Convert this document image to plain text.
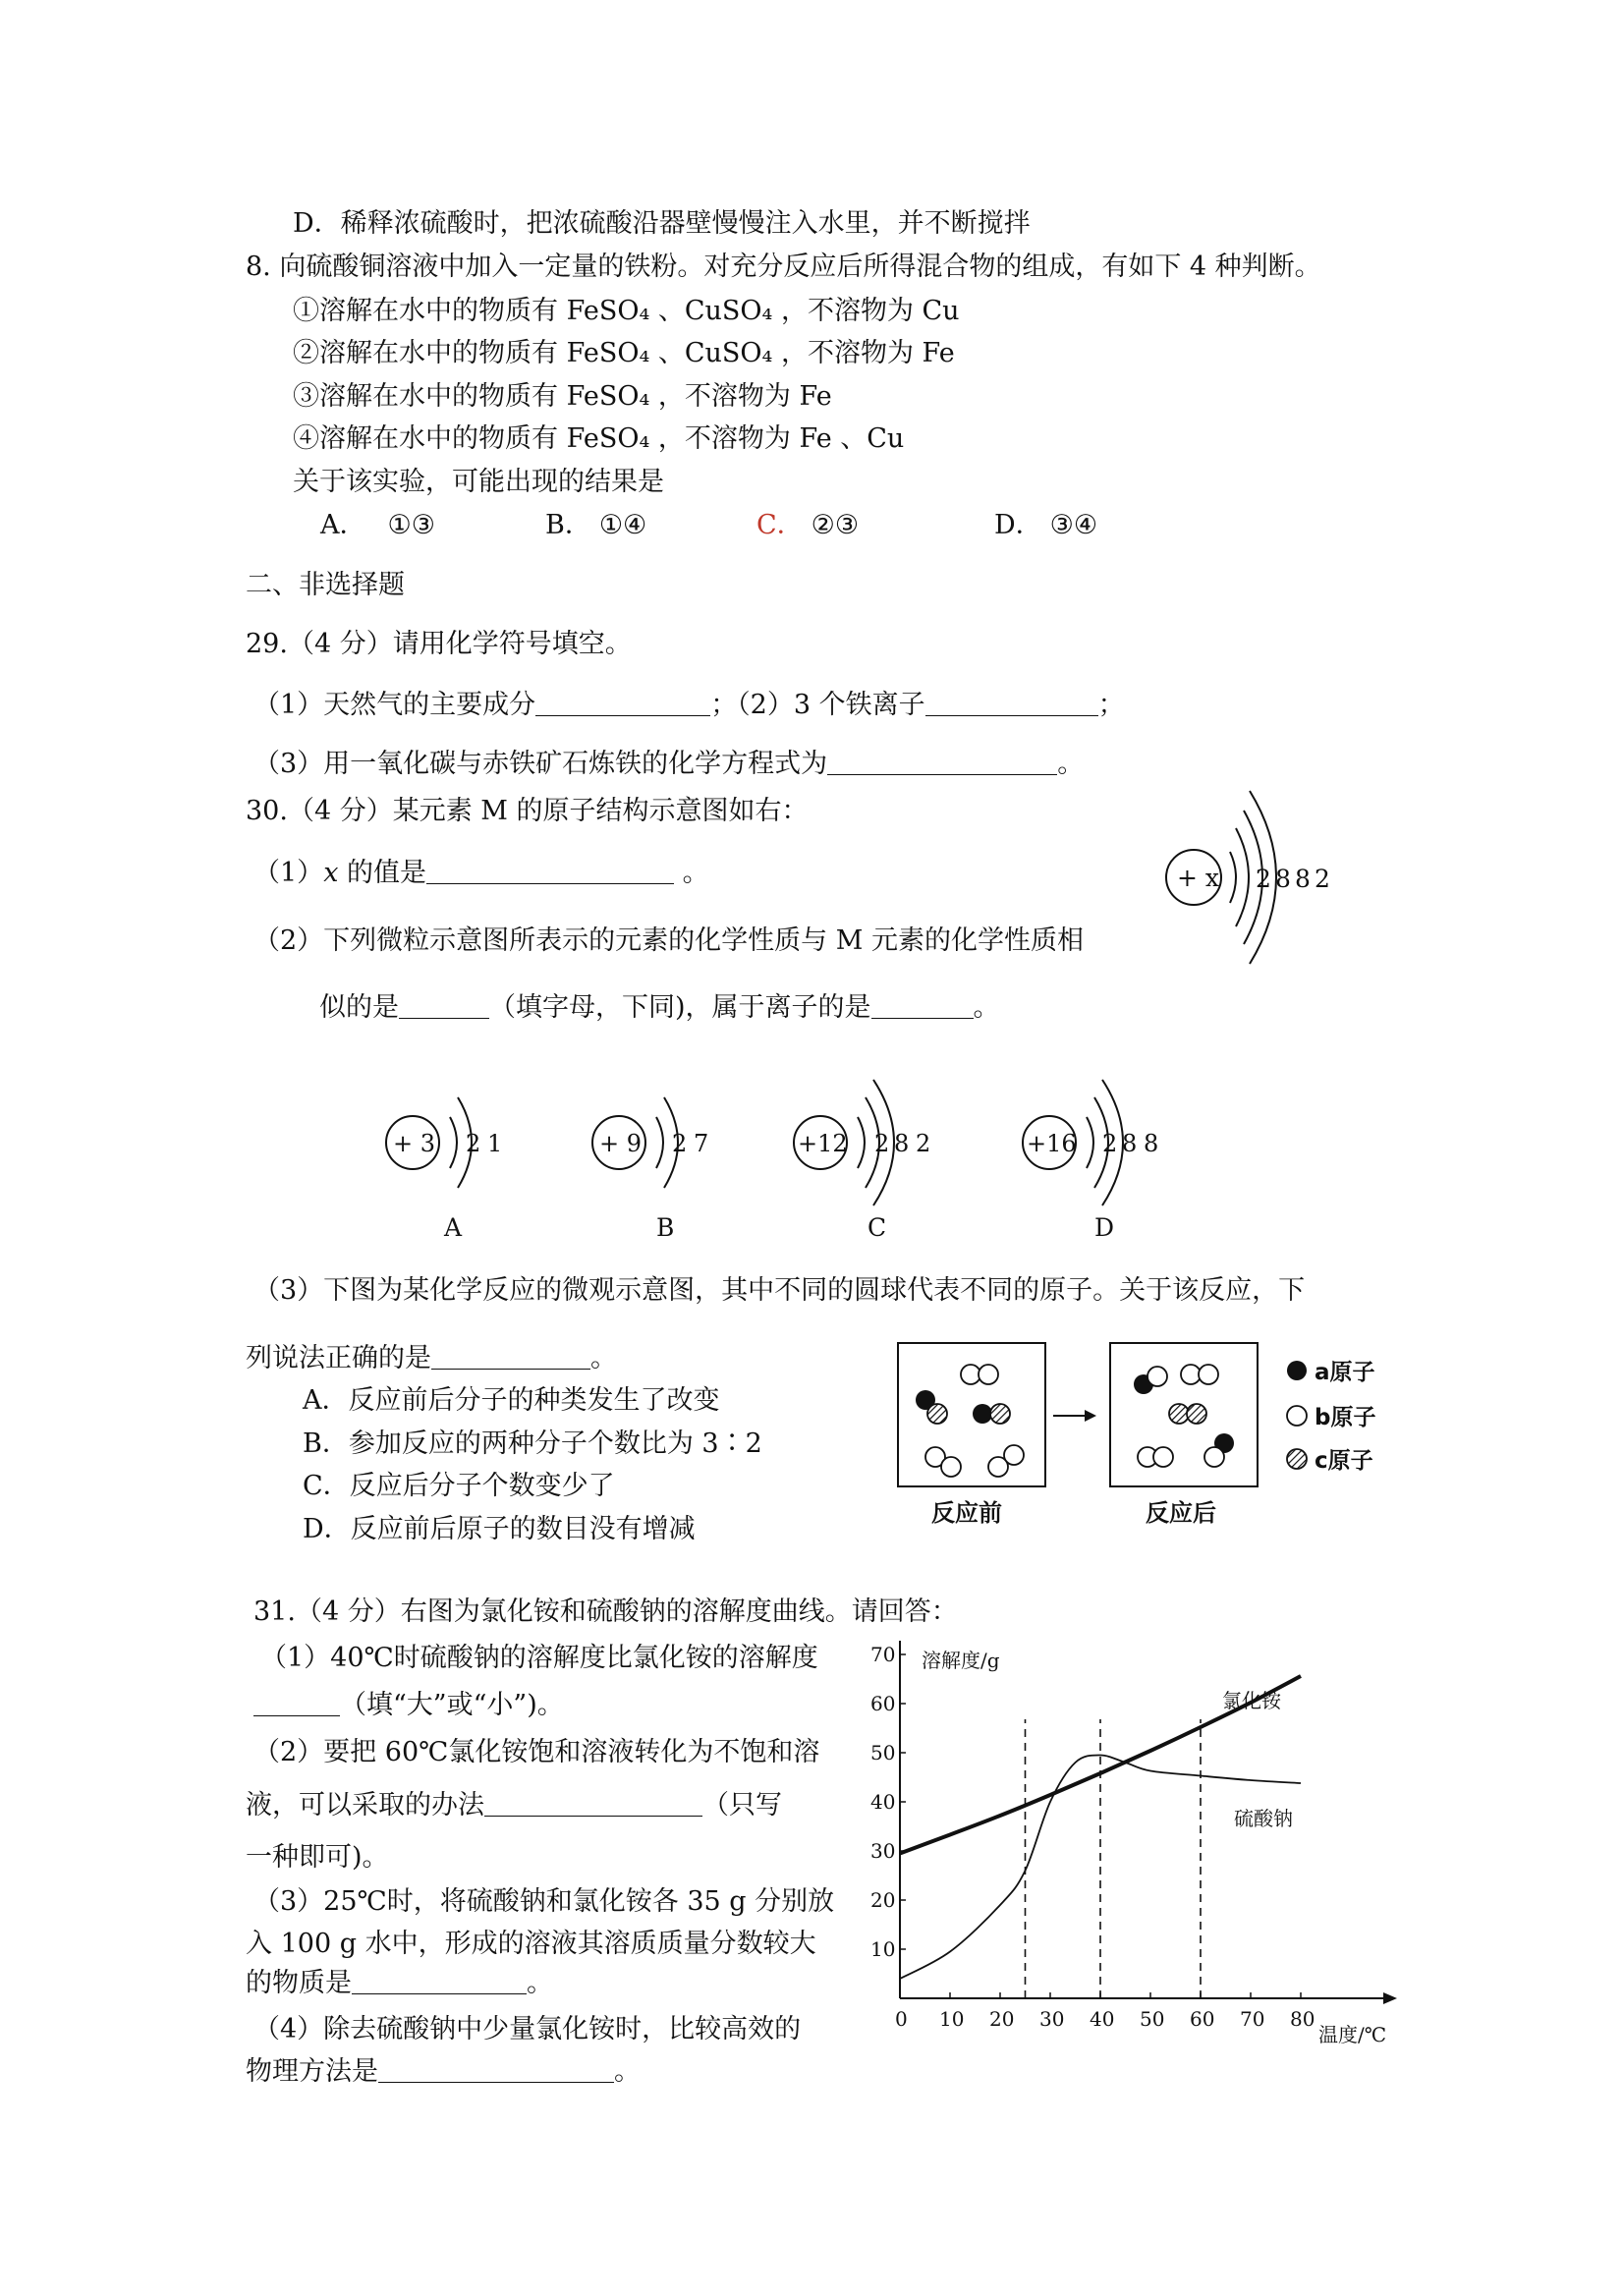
D．稀释浓硫酸时，把浓硫酸沿器壁慢慢注入水里，并不断搅拌
8. 向硫酸铜溶液中加入一定量的铁粉。对充分反应后所得混合物的组成，有如下 4 种判断。
①溶解在水中的物质有 FeSO₄ 、CuSO₄ ，不溶物为 Cu
②溶解在水中的物质有 FeSO₄ 、CuSO₄ ，不溶物为 Fe
③溶解在水中的物质有 FeSO₄ ，不溶物为 Fe
④溶解在水中的物质有 FeSO₄ ，不溶物为 Fe 、Cu
关于该实验，可能出现的结果是
A． ①③	B． ①④	C． ②③	D． ③④
二、非选择题
29.（4 分）请用化学符号填空。
（1）天然气的主要成分	；（2）3 个铁离子	；
（3）用一氧化碳与赤铁矿石炼铁的化学方程式为	。
30.（4 分）某元素 M 的原子结构示意图如右：
（1）x 的值是	。
（2）下列微粒示意图所表示的元素的化学性质与 M 元素的化学性质相
似的是	（填字母，下同)，属于离子的是	。
+ x 2 8 8 2
+ 3 2 1
A
+ 9 2 7
B
+12 2 8 2
C
+16 2 8 8
D
（3）下图为某化学反应的微观示意图，其中不同的圆球代表不同的原子。关于该反应，下
列说法正确的是	。
A．反应前后分子的种类发生了改变
B．参加反应的两种分子个数比为 3∶2
C．反应后分子个数变少了
D．反应前后原子的数目没有增减
反应前	反应后
a原子
b原子
c原子
31.（4 分）右图为氯化铵和硫酸钠的溶解度曲线。请回答：
（1）40℃时硫酸钠的溶解度比氯化铵的溶解度
（填“大”或“小”)。
（2）要把 60℃氯化铵饱和溶液转化为不饱和溶
液，可以采取的办法	（只写
一种即可)。
（3）25℃时，将硫酸钠和氯化铵各 35 g 分别放
入 100 g 水中，形成的溶液其溶质质量分数较大
的物质是	。
（4）除去硫酸钠中少量氯化铵时，比较高效的
物理方法是	。
0 10 20 30 40 50 60 70 80
10
20
30
40
50
60
70 溶解度/g
温度/℃
氯化铵
硫酸钠
